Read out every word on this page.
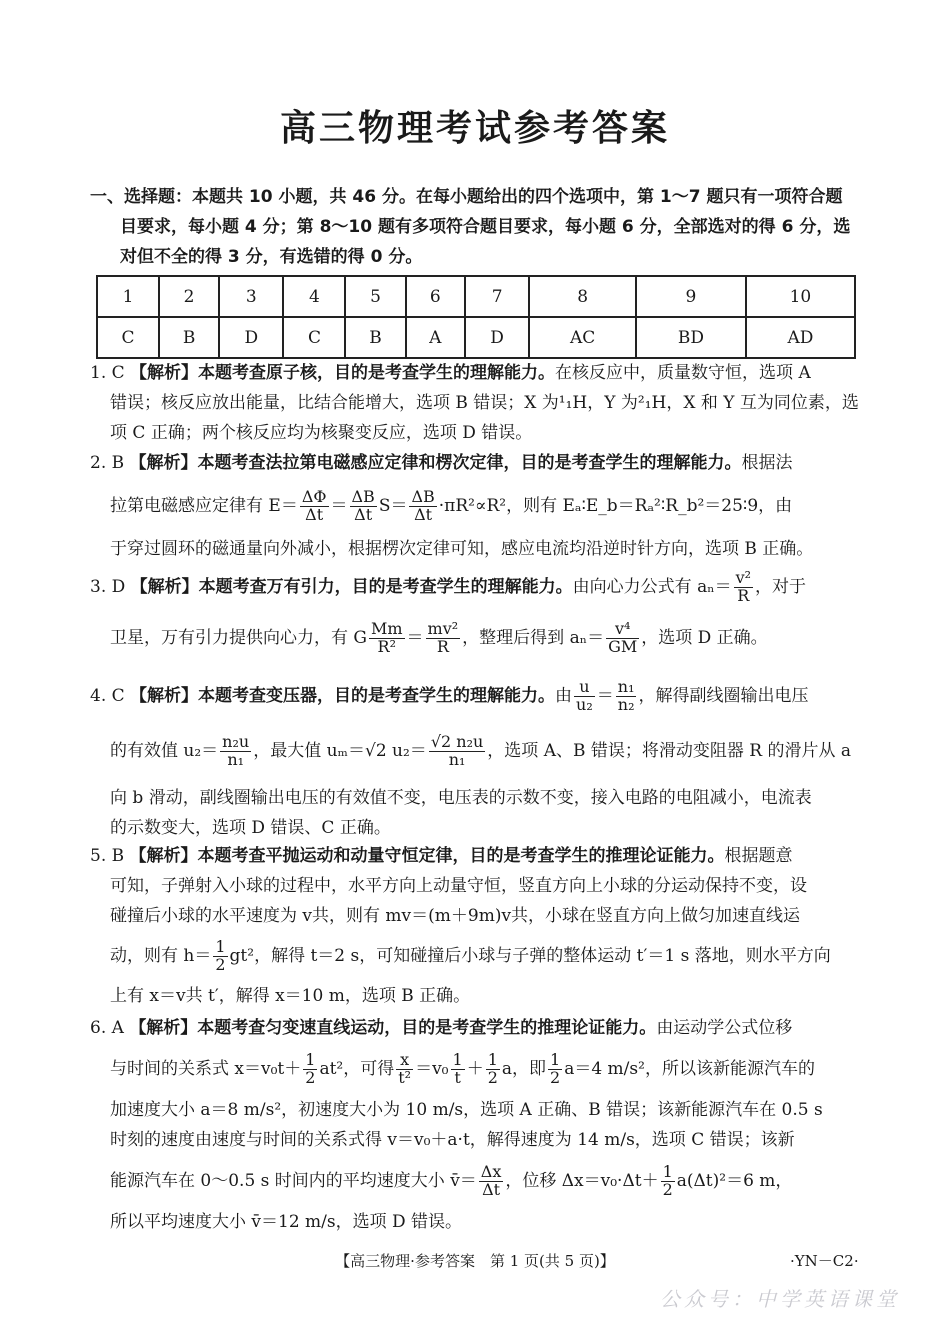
高三物理考试参考答案
一、选择题：本题共 10 小题，共 46 分。在每小题给出的四个选项中，第 1～7 题只有一项符合题

目要求，每小题 4 分；第 8～10 题有多项符合题目要求，每小题 6 分，全部选对的得 6 分，选
对但不全的得 3 分，有选错的得 0 分。
1	2	3	4	5	6	7	8	9	10
C	B	D	C	B	A	D	AC	BD	AD
1. C 【解析】本题考查原子核，目的是考查学生的理解能力。在核反应中，质量数守恒，选项 A
错误；核反应放出能量，比结合能增大，选项 B 错误；X 为¹₁H，Y 为²₁H，X 和 Y 互为同位素，选
项 C 正确；两个核反应均为核聚变反应，选项 D 错误。
2. B 【解析】本题考查法拉第电磁感应定律和楞次定律，目的是考查学生的理解能力。根据法
拉第电磁感应定律有 $E= \frac{\Delta\Phi}{\Delta t} = \frac{\Delta B}{\Delta t} S= \frac{\Delta B}{\Delta t} \cdot\pi R^2\propto R^2$，则有 Eₐ∶E_b＝Rₐ²∶R_b²＝25∶9，由
于穿过圆环的磁通量向外减小，根据楞次定律可知，感应电流均沿逆时针方向，选项 B 正确。
3. D 【解析】本题考查万有引力，目的是考查学生的理解能力。由向心力公式有 $a_n= \frac{\text{v²}}{R}$ ，对于
卫星，万有引力提供向心力，有 G $\frac{Mm}{\text{R²}} = \frac{\text{mv²}}{R}$ ，整理后得到 $a_n= \frac{\text{v⁴}}{GM}$ ，选项 D 正确。
4. C 【解析】本题考查变压器，目的是考查学生的理解能力。由 $\frac{u}{\text{u₂}} = \frac{\text{n₁}}{\text{n₂}}$ ，解得副线圈输出电压
的有效值 $u_2= \frac{\text{n₂u}}{\text{n₁}}$ ，最大值 uₘ＝√2 $u_2= \frac{\text{√2 n₂u}}{\text{n₁}}$ ，选项 A、B 错误；将滑动变阻器 R 的滑片从 a
向 b 滑动，副线圈输出电压的有效值不变，电压表的示数不变，接入电路的电阻减小，电流表
的示数变大，选项 D 错误、C 正确。
5. B 【解析】本题考查平抛运动和动量守恒定律，目的是考查学生的推理论证能力。根据题意
可知，子弹射入小球的过程中，水平方向上动量守恒，竖直方向上小球的分运动保持不变，设
碰撞后小球的水平速度为 v共，则有 mv＝(m＋9m)v共，小球在竖直方向上做匀加速直线运
动，则有 $h= \frac{1}{2} gt^2$，解得 t＝2 s，可知碰撞后小球与子弹的整体运动 t′＝1 s 落地，则水平方向
上有 x＝v共 t′，解得 x＝10 m，选项 B 正确。
6. A 【解析】本题考查匀变速直线运动，目的是考查学生的推理论证能力。由运动学公式位移
与时间的关系式 $x=v_0t+ \frac{1}{2} at^2$，可得 $\frac{x}{\text{t²}} =v_0 \frac{1}{t} + \frac{1}{2}$ a，即 $\frac{1}{2} a=4$ m/s²，所以该新能源汽车的
加速度大小 a＝8 m/s²，初速度大小为 10 m/s，选项 A 正确、B 错误；该新能源汽车在 0.5 s
时刻的速度由速度与时间的关系式得 v＝v₀＋a·t，解得速度为 14 m/s，选项 C 错误；该新
能源汽车在 0～0.5 s 时间内的平均速度大小 v̄＝ $\frac{\Delta x}{\Delta t}$ ，位移 $\Delta x=v_0\cdot\Delta t+ \frac{1}{2} a(\Delta t)^2=6$ m，
所以平均速度大小 v̄＝12 m/s，选项 D 错误。
【高三物理·参考答案　第 1 页(共 5 页)】	·YN－C2·
公众号：中学英语课堂
